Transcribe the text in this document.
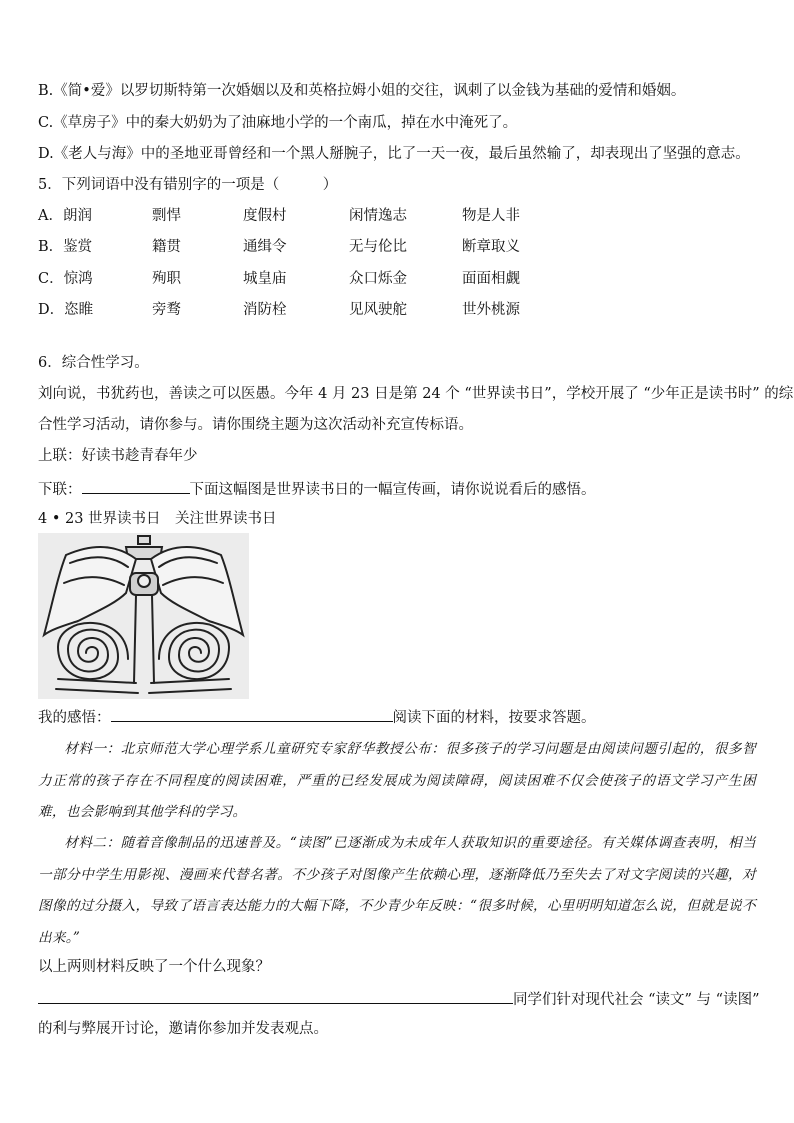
B.《简•爱》以罗切斯特第一次婚姻以及和英格拉姆小姐的交往，讽刺了以金钱为基础的爱情和婚姻。
C.《草房子》中的秦大奶奶为了油麻地小学的一个南瓜，掉在水中淹死了。
D.《老人与海》中的圣地亚哥曾经和一个黑人掰腕子，比了一天一夜，最后虽然输了，却表现出了坚强的意志。
5．下列词语中没有错别字的一项是（　　　）
A．朗润	剽悍	度假村	闲情逸志	物是人非
B．鉴赏	籍贯	通缉令	无与伦比	断章取义
C．惊鸿	殉职	城皇庙	众口烁金	面面相觑
D．恣睢	旁骛	消防栓	见风驶舵	世外桃源
6．综合性学习。
刘向说，书犹药也，善读之可以医愚。今年 4 月 23 日是第 24 个 “世界读书日”，学校开展了 “少年正是读书时” 的综
合性学习活动，请你参与。请你围绕主题为这次活动补充宣传标语。
上联：好读书趁青春年少
下联：	下面这幅图是世界读书日的一幅宣传画，请你说说看后的感悟。
4 • 23 世界读书日　关注世界读书日
我的感悟：	阅读下面的材料，按要求答题。
材料一：北京师范大学心理学系儿童研究专家舒华教授公布：很多孩子的学习问题是由阅读问题引起的，很多智力正常的孩子存在不同程度的阅读困难，严重的已经发展成为阅读障碍，阅读困难不仅会使孩子的语文学习产生困难，也会影响到其他学科的学习。
材料二：随着音像制品的迅速普及。“读图”已逐渐成为未成年人获取知识的重要途径。有关媒体调查表明，相当一部分中学生用影视、漫画来代替名著。不少孩子对图像产生依赖心理，逐渐降低乃至失去了对文字阅读的兴趣，对图像的过分摄入，导致了语言表达能力的大幅下降，不少青少年反映：“很多时候，心里明明知道怎么说，但就是说不出来。”
以上两则材料反映了一个什么现象？
同学们针对现代社会 “读文” 与 “读图”
的利与弊展开讨论，邀请你参加并发表观点。
